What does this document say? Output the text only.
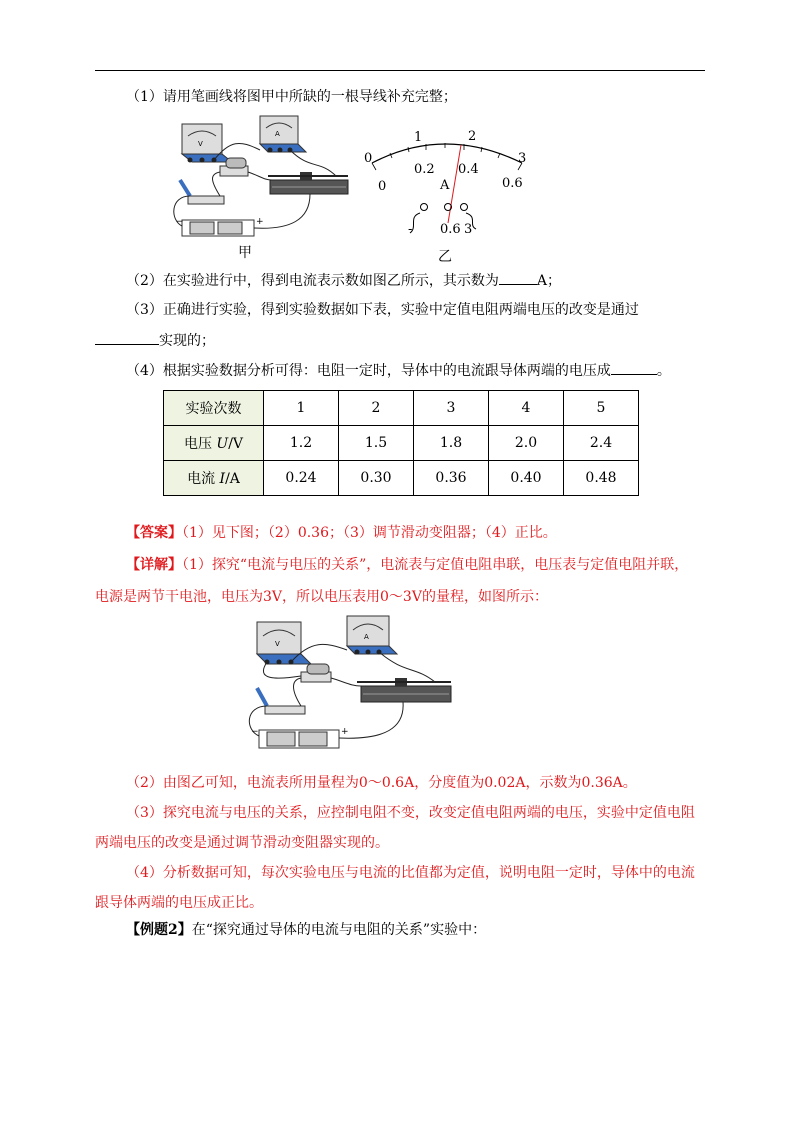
（1）请用笔画线将图甲中所缺的一根导线补充完整；
V
A
−	+
甲
0
1	2
3
0
0.2 0.4
0.6
A
- 0.6 3
乙
（2）在实验进行中，得到电流表示数如图乙所示，其示数为	A；
（3）正确进行实验，得到实验数据如下表，实验中定值电阻两端电压的改变是通过
实现的；
（4）根据实验数据分析可得：电阻一定时，导体中的电流跟导体两端的电压成	。
实验次数	1	2	3	4	5
电压 U/V	1.2	1.5	1.8	2.0	2.4
电流 I/A	0.24	0.30	0.36	0.40	0.48
【答案】（1）见下图；（2）0.36；（3）调节滑动变阻器；（4）正比。
【详解】（1）探究“电流与电压的关系”，电流表与定值电阻串联，电压表与定值电阻并联，
电源是两节干电池，电压为3V，所以电压表用0～3V的量程，如图所示：
V
A
−	+
（2）由图乙可知，电流表所用量程为0～0.6A，分度值为0.02A，示数为0.36A。
（3）探究电流与电压的关系，应控制电阻不变，改变定值电阻两端的电压，实验中定值电阻
两端电压的改变是通过调节滑动变阻器实现的。
（4）分析数据可知，每次实验电压与电流的比值都为定值，说明电阻一定时，导体中的电流
跟导体两端的电压成正比。
【例题2】在“探究通过导体的电流与电阻的关系”实验中：
